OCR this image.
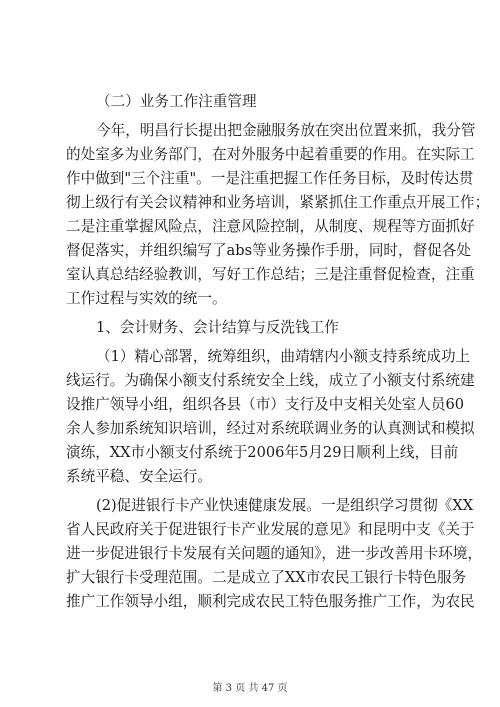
（二）业务工作注重管理
今年，明昌行长提出把金融服务放在突出位置来抓，我分管
的处室多为业务部门，在对外服务中起着重要的作用。在实际工
作中做到"三个注重"。一是注重把握工作任务目标，及时传达贯
彻上级行有关会议精神和业务培训，紧紧抓住工作重点开展工作；
二是注重掌握风险点，注意风险控制，从制度、规程等方面抓好
督促落实，并组织编写了abs等业务操作手册，同时，督促各处
室认真总结经验教训，写好工作总结；三是注重督促检查，注重
工作过程与实效的统一。
1、会计财务、会计结算与反洗钱工作
（1）精心部署，统筹组织，曲靖辖内小额支持系统成功上
线运行。为确保小额支付系统安全上线，成立了小额支付系统建
设推广领导小组，组织各县（市）支行及中支相关处室人员60
余人参加系统知识培训，经过对系统联调业务的认真测试和模拟
演练，XX市小额支付系统于2006年5月29日顺利上线，目前
系统平稳、安全运行。
(2)促进银行卡产业快速健康发展。一是组织学习贯彻《XX
省人民政府关于促进银行卡产业发展的意见》和昆明中支《关于
进一步促进银行卡发展有关问题的通知》，进一步改善用卡环境，
扩大银行卡受理范围。二是成立了XX市农民工银行卡特色服务
推广工作领导小组，顺利完成农民工特色服务推广工作，为农民
第 3 页 共 47 页
